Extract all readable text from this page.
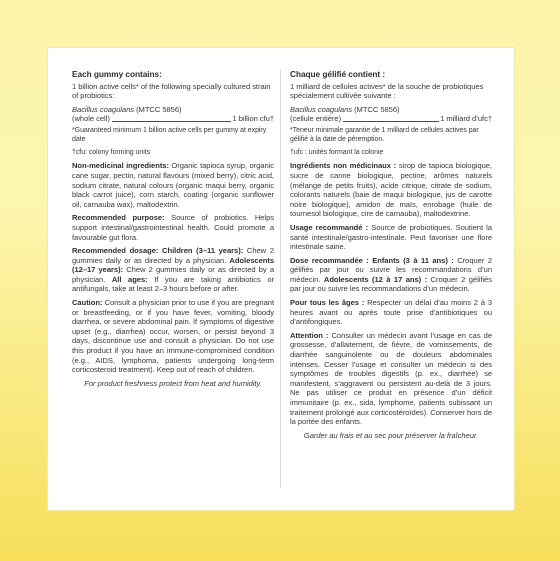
Each gummy contains:

1 billion active cells* of the following specially cultured strain of probiotics:

Bacillus coagulans (MTCC 5856)
(whole cell)	1 billion cfu†

*Guaranteed minimum 1 billion active cells per gummy at expiry date

†cfu: colony forming units

Non-medicinal ingredients: Organic tapioca syrup, organic cane sugar, pectin, natural flavours (mixed berry), citric acid, sodium citrate, natural colours (organic maqui berry, organic black carrot juice), corn starch, coating (organic sunflower oil, carnauba wax), maltodextrin.

Recommended purpose: Source of probiotics. Helps support intestinal/gastrointestinal health. Could promote a favourable gut flora.

Recommended dosage: Children (3–11 years): Chew 2 gummies daily or as directed by a physician. Adolescents (12–17 years): Chew 2 gummies daily or as directed by a physician. All ages: If you are taking antibiotics or antifungals, take at least 2–3 hours before or after.

Caution: Consult a physician prior to use if you are pregnant or breastfeeding, or if you have fever, vomiting, bloody diarrhea, or severe abdominal pain. If symptoms of digestive upset (e.g., diarrhea) occur, worsen, or persist beyond 3 days, discontinue use and consult a physician. Do not use this product if you have an immune-compromised condition (e.g., AIDS, lymphoma, patients undergoing long-term corticosteroid treatment). Keep out of reach of children.

For product freshness protect from heat and humidity.

Chaque gélifié contient :

1 milliard de cellules actives* de la souche de probiotiques spécialement cultivée suivante :

Bacillus coagulans (MTCC 5856)
(cellule entière)	1 milliard d’ufc†

*Teneur minimale garantie de 1 milliard de cellules actives par gélifié à la date de péremption.

†ufc : unités formant la colonie

Ingrédients non médicinaux : sirop de tapioca biologique, sucre de canne biologique, pectine, arômes naturels (mélange de petits fruits), acide citrique, citrate de sodium, colorants naturels (baie de maqui biologique, jus de carotte noire biologique), amidon de maïs, enrobage (huile de tournesol biologique, cire de carnauba), maltodextrine.

Usage recommandé : Source de probiotiques. Soutient la santé intestinale/gastro-intestinale. Peut favoriser une flore intestinale saine.

Dose recommandée : Enfants (3 à 11 ans) : Croquer 2 gélifiés par jour ou suivre les recommandations d’un médecin. Adolescents (12 à 17 ans) : Croquer 2 gélifiés par jour ou suivre les recommandations d’un médecin.

Pour tous les âges : Respecter un délai d’au moins 2 à 3 heures avant ou après toute prise d’antibiotiques ou d’antifongiques.

Attention : Consulter un médecin avant l’usage en cas de grossesse, d’allaitement, de fièvre, de vomissements, de diarrhée sanguinolente ou de douleurs abdominales intenses. Cesser l’usage et consulter un médecin si des symptômes de troubles digestifs (p. ex., diarrhée) se manifestent, s’aggravent ou persistent au-delà de 3 jours. Ne pas utiliser ce produit en présence d’un déficit immunitaire (p. ex., sida, lymphome, patients subissant un traitement prolongé aux corticostéroïdes). Conserver hors de la portée des enfants.

Garder au frais et au sec pour préserver la fraîcheur.
